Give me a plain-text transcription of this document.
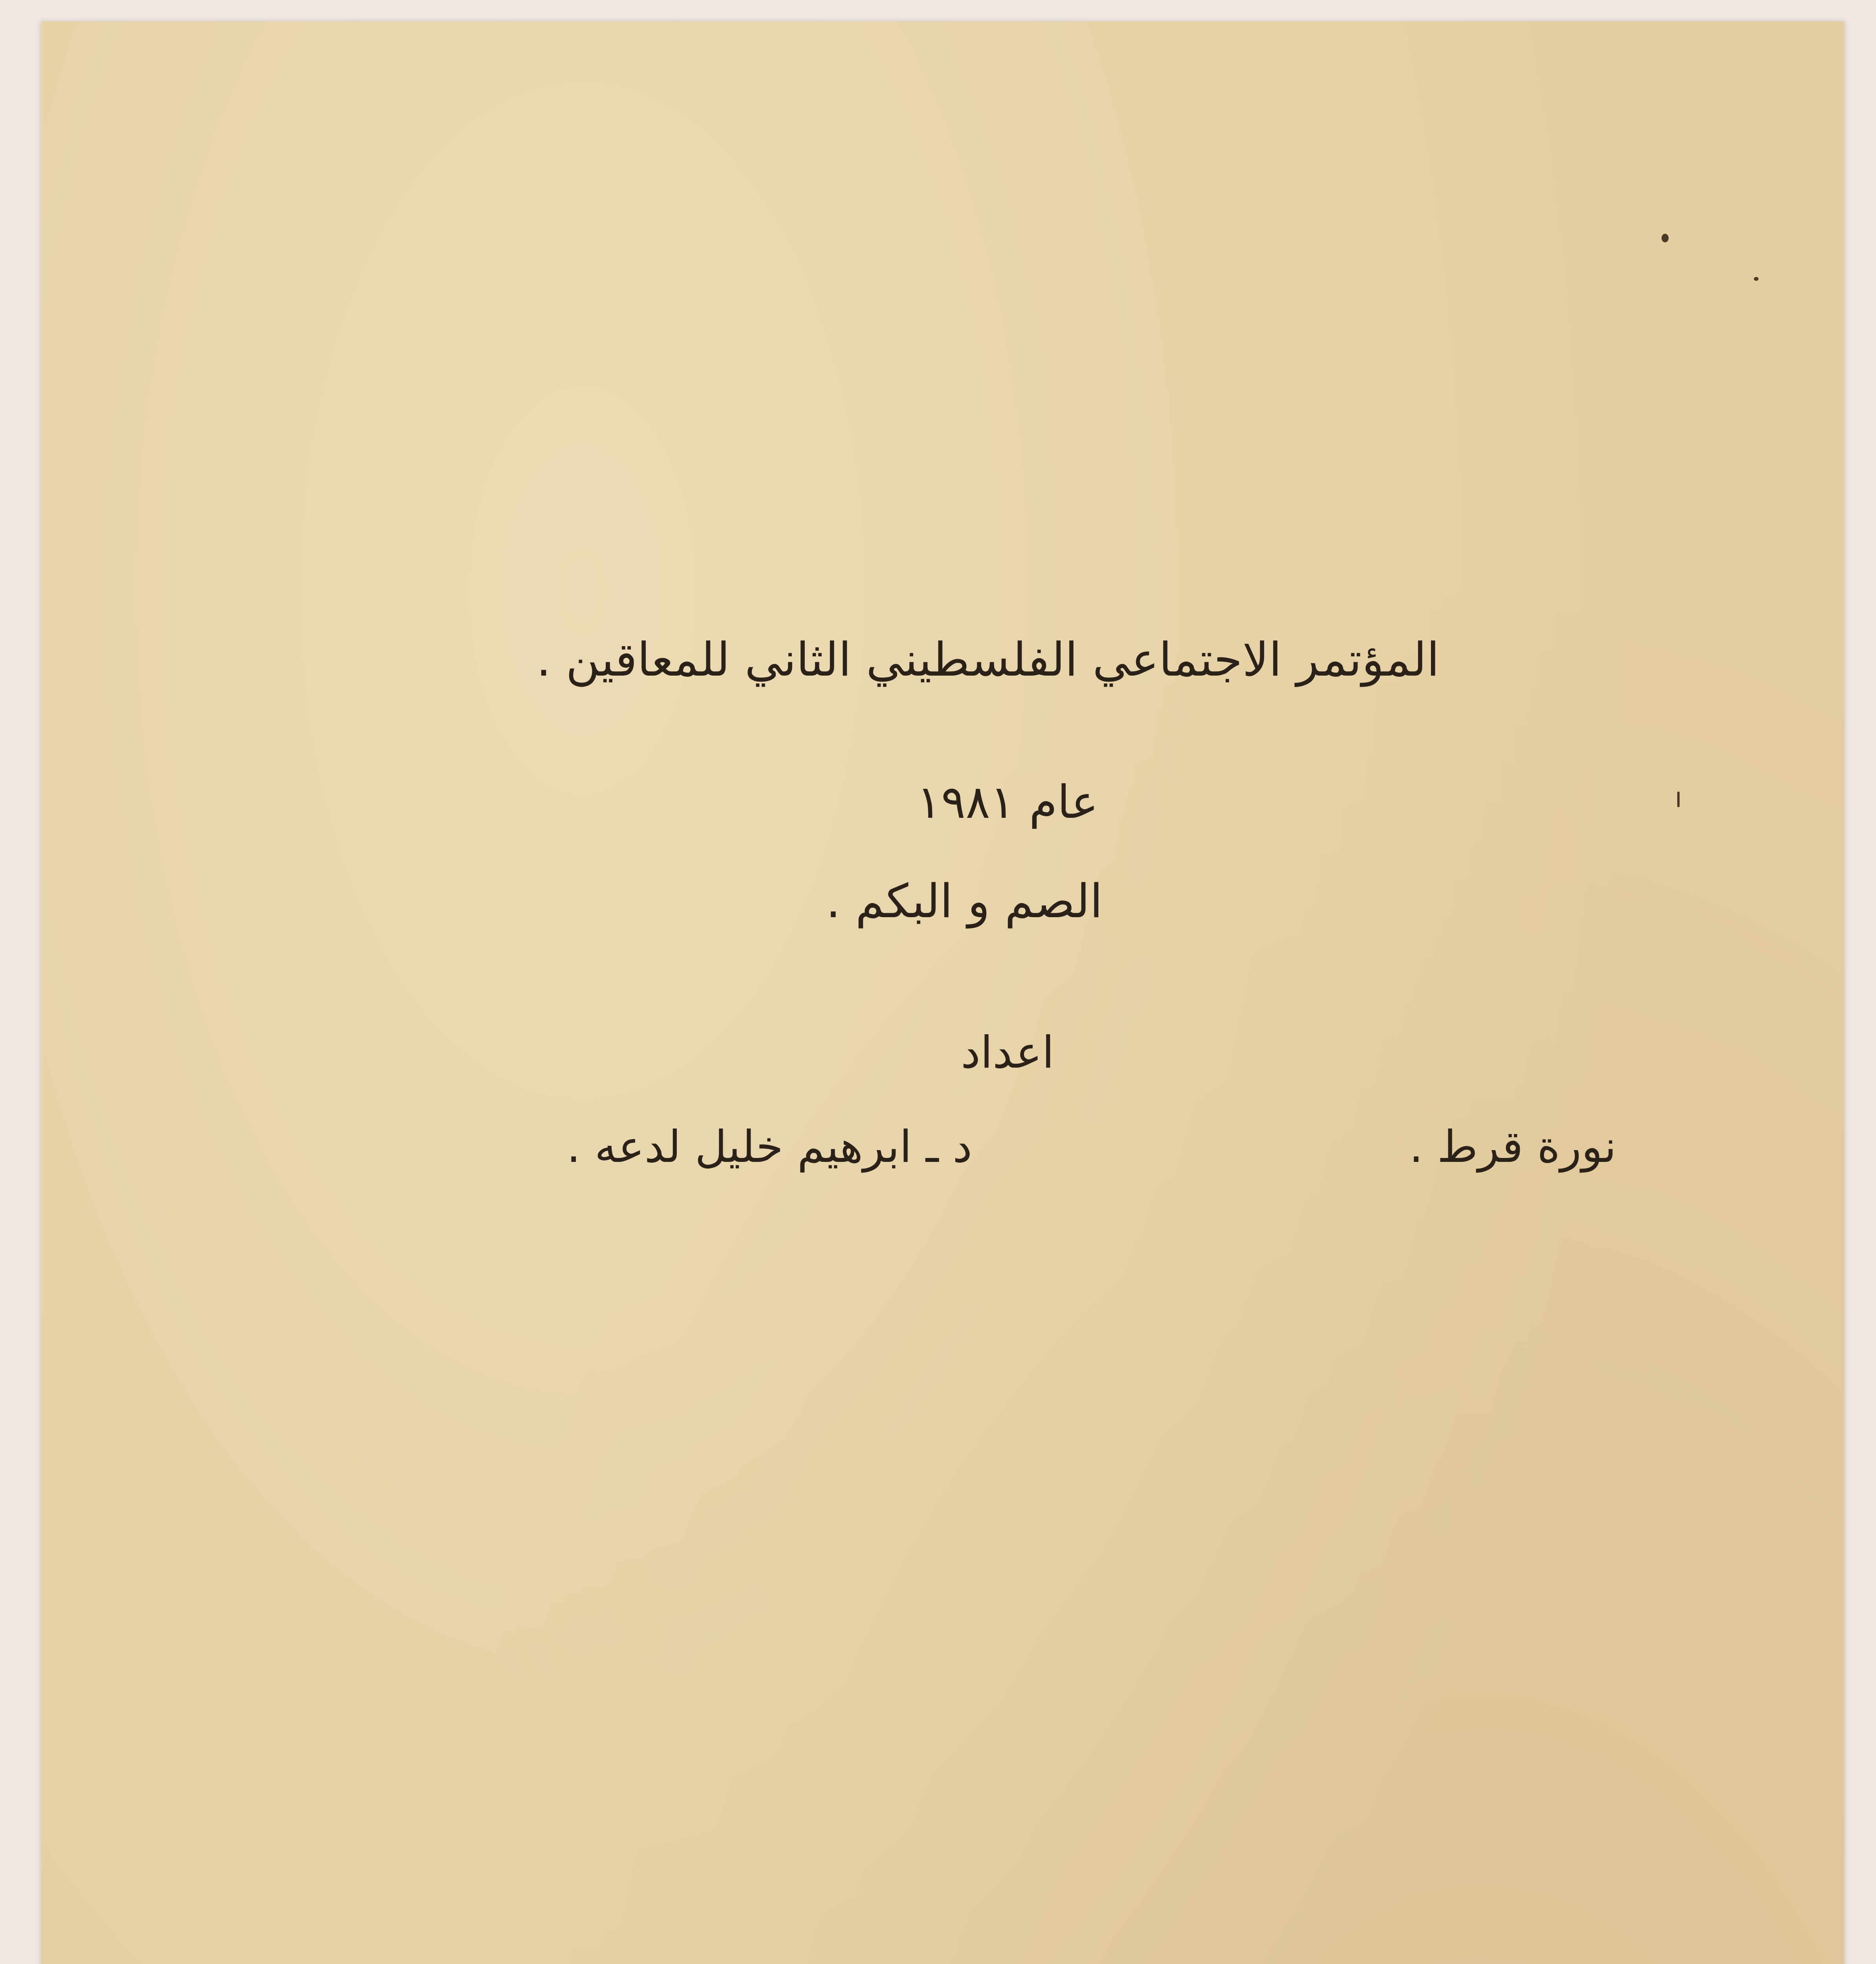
المؤتمر الاجتماعي الفلسطيني الثاني للمعاقين .
عام ١٩٨١
الصم و البكم .
اعداد
نورة قرط .
د ـ ابرهيم خليل لدعه .
